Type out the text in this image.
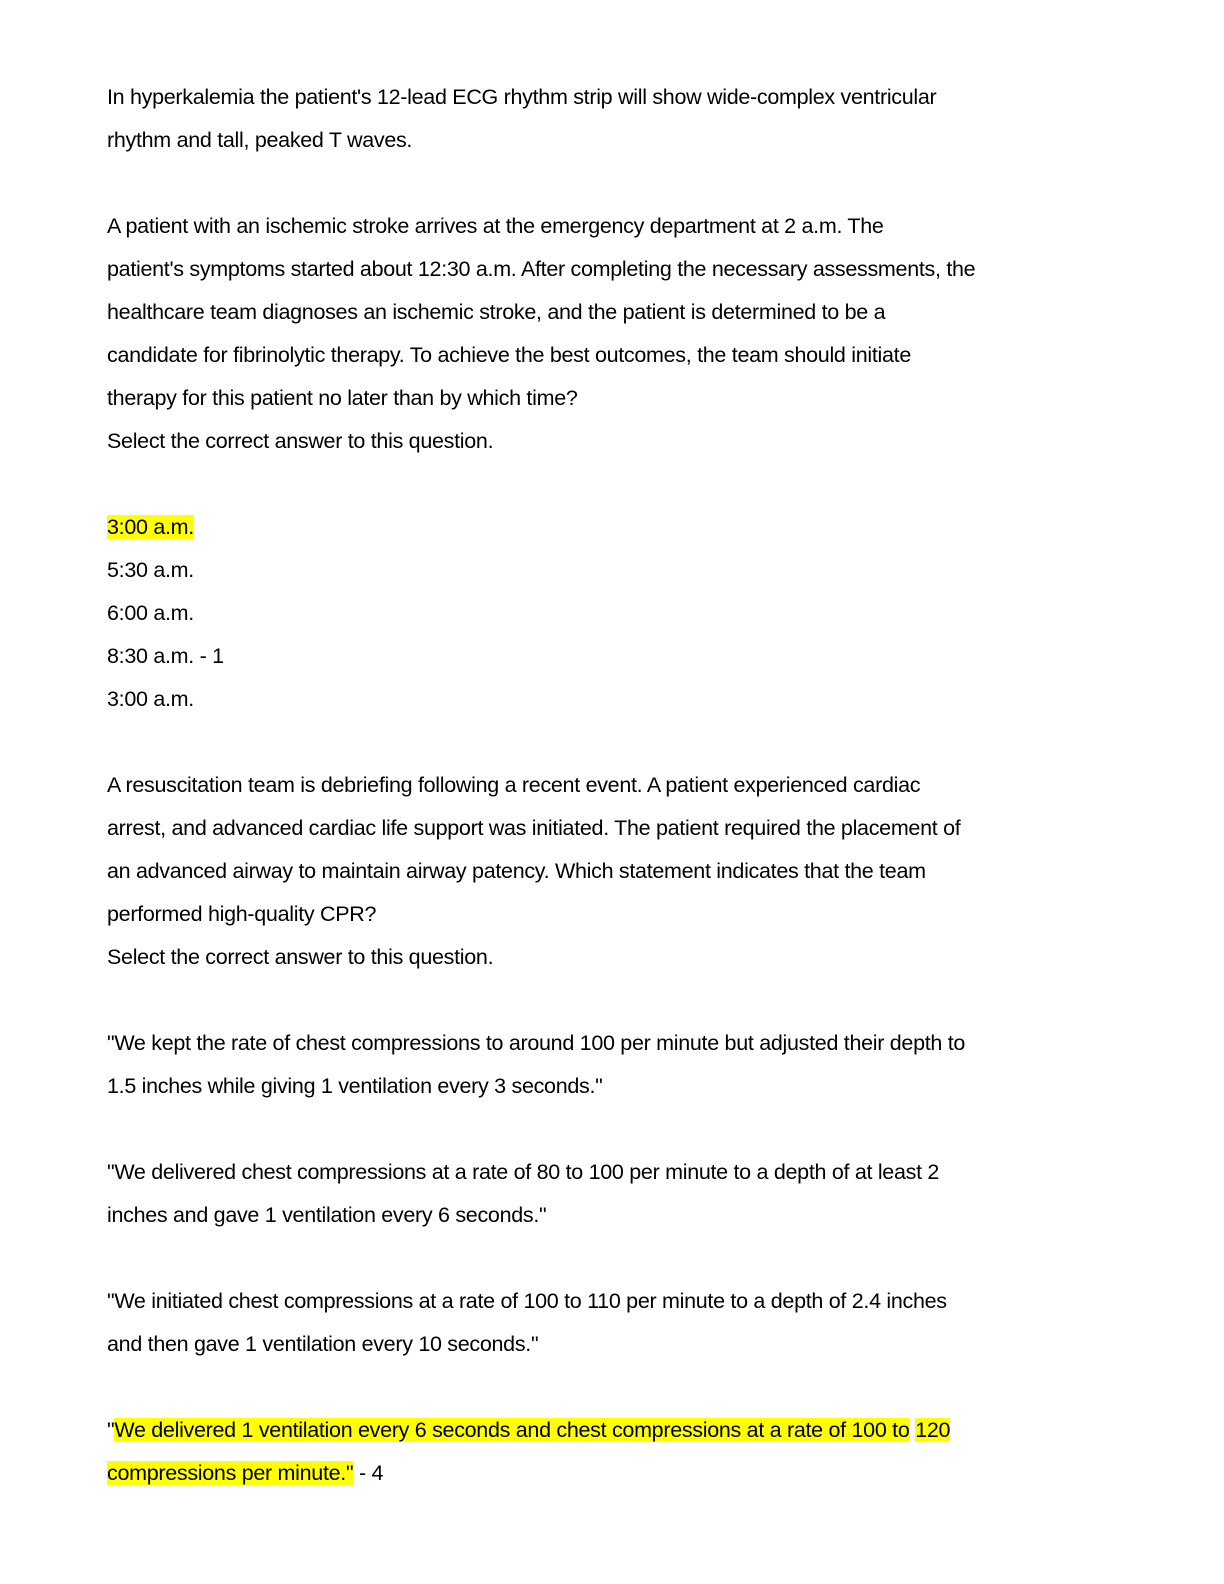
In hyperkalemia the patient's 12-lead ECG rhythm strip will show wide-complex ventricular
rhythm and tall, peaked T waves.

A patient with an ischemic stroke arrives at the emergency department at 2 a.m. The
patient's symptoms started about 12:30 a.m. After completing the necessary assessments, the
healthcare team diagnoses an ischemic stroke, and the patient is determined to be a
candidate for fibrinolytic therapy. To achieve the best outcomes, the team should initiate
therapy for this patient no later than by which time?
Select the correct answer to this question.

3:00 a.m.
5:30 a.m.
6:00 a.m.
8:30 a.m. - 1
3:00 a.m.

A resuscitation team is debriefing following a recent event. A patient experienced cardiac
arrest, and advanced cardiac life support was initiated. The patient required the placement of
an advanced airway to maintain airway patency. Which statement indicates that the team
performed high-quality CPR?
Select the correct answer to this question.

"We kept the rate of chest compressions to around 100 per minute but adjusted their depth to
1.5 inches while giving 1 ventilation every 3 seconds."

"We delivered chest compressions at a rate of 80 to 100 per minute to a depth of at least 2
inches and gave 1 ventilation every 6 seconds."

"We initiated chest compressions at a rate of 100 to 110 per minute to a depth of 2.4 inches
and then gave 1 ventilation every 10 seconds."

"We delivered 1 ventilation every 6 seconds and chest compressions at a rate of 100 to 120
compressions per minute." - 4
